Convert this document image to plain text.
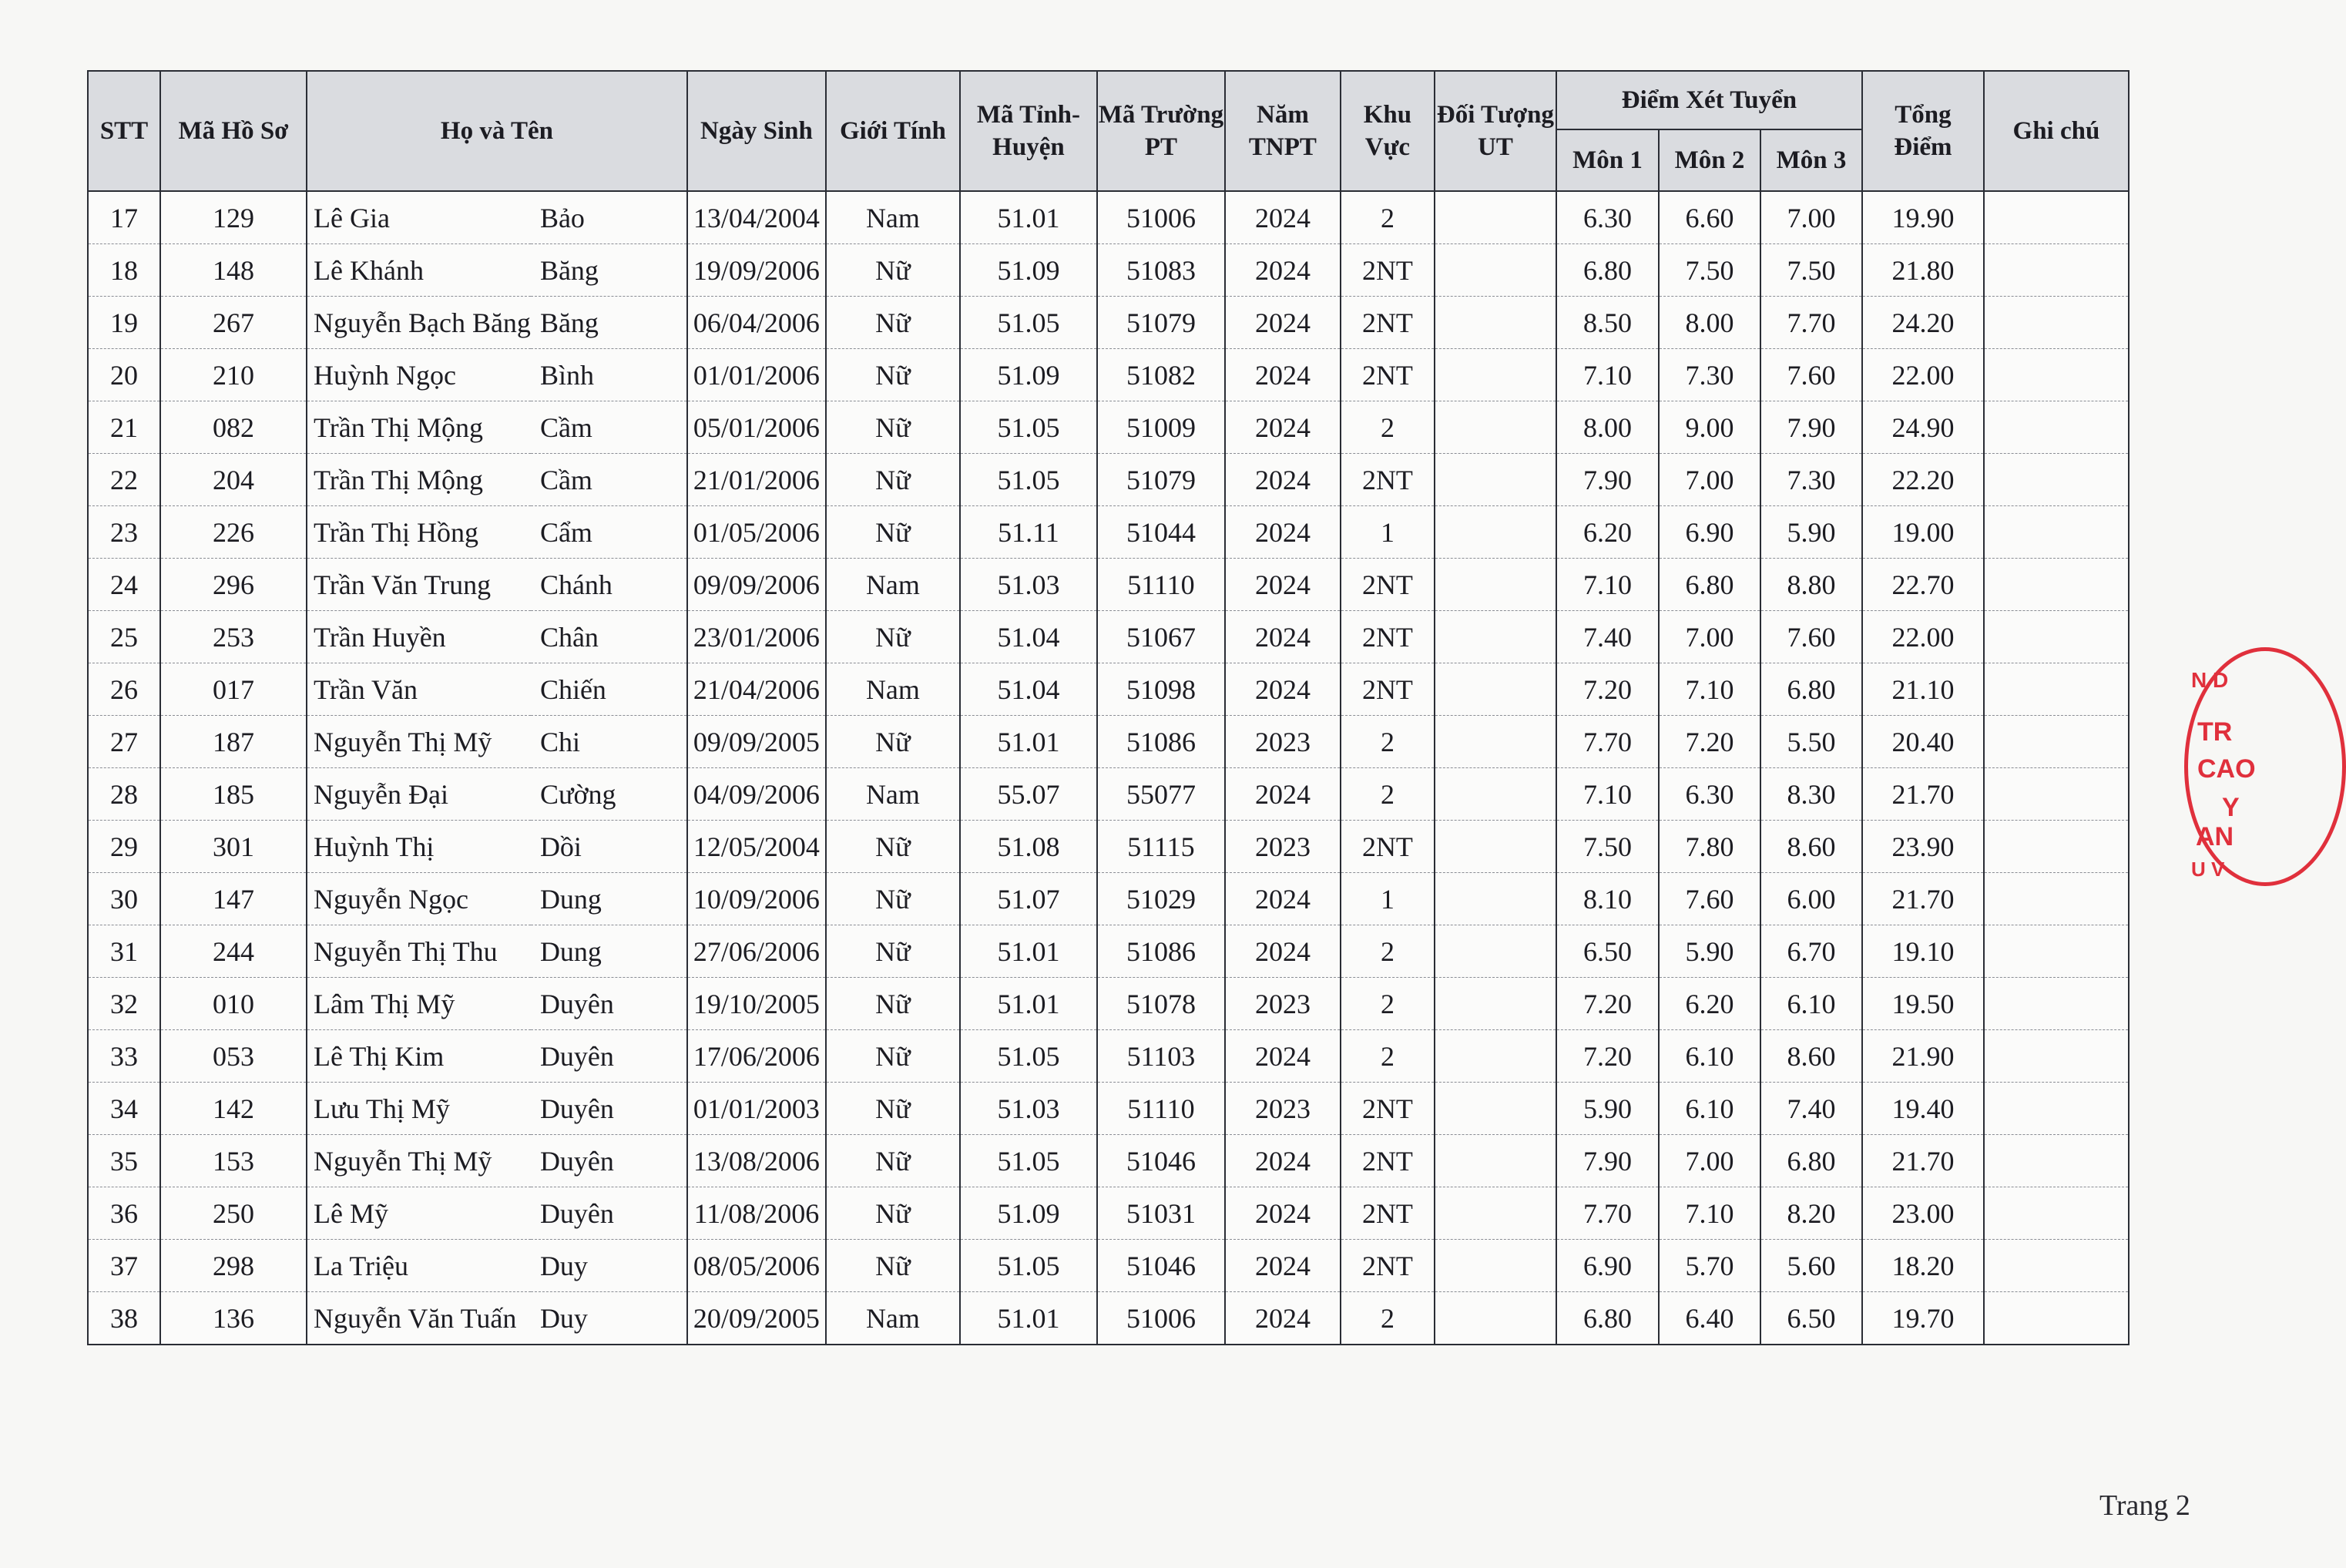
STT	Mã Hồ Sơ	Họ và Tên		Ngày Sinh	Giới Tính	Mã Tỉnh-Huyện	Mã Trường PT	Năm TNPT	Khu Vực	Đối Tượng UT	Điểm Xét Tuyển			Tổng Điểm	Ghi chú
											Môn 1	Môn 2	Môn 3		
17	129	Lê Gia	Bảo	13/04/2004	Nam	51.01	51006	2024	2		6.30	6.60	7.00	19.90	
18	148	Lê Khánh	Băng	19/09/2006	Nữ	51.09	51083	2024	2NT		6.80	7.50	7.50	21.80	
19	267	Nguyễn Bạch Băng	Băng	06/04/2006	Nữ	51.05	51079	2024	2NT		8.50	8.00	7.70	24.20	
20	210	Huỳnh Ngọc	Bình	01/01/2006	Nữ	51.09	51082	2024	2NT		7.10	7.30	7.60	22.00	
21	082	Trần Thị Mộng	Cầm	05/01/2006	Nữ	51.05	51009	2024	2		8.00	9.00	7.90	24.90	
22	204	Trần Thị Mộng	Cầm	21/01/2006	Nữ	51.05	51079	2024	2NT		7.90	7.00	7.30	22.20	
23	226	Trần Thị Hồng	Cẩm	01/05/2006	Nữ	51.11	51044	2024	1		6.20	6.90	5.90	19.00	
24	296	Trần Văn Trung	Chánh	09/09/2006	Nam	51.03	51110	2024	2NT		7.10	6.80	8.80	22.70	
25	253	Trần Huyền	Chân	23/01/2006	Nữ	51.04	51067	2024	2NT		7.40	7.00	7.60	22.00	
26	017	Trần Văn	Chiến	21/04/2006	Nam	51.04	51098	2024	2NT		7.20	7.10	6.80	21.10	
27	187	Nguyễn Thị Mỹ	Chi	09/09/2005	Nữ	51.01	51086	2023	2		7.70	7.20	5.50	20.40	
28	185	Nguyễn Đại	Cường	04/09/2006	Nam	55.07	55077	2024	2		7.10	6.30	8.30	21.70	
29	301	Huỳnh Thị	Dồi	12/05/2004	Nữ	51.08	51115	2023	2NT		7.50	7.80	8.60	23.90	
30	147	Nguyễn Ngọc	Dung	10/09/2006	Nữ	51.07	51029	2024	1		8.10	7.60	6.00	21.70	
31	244	Nguyễn Thị Thu	Dung	27/06/2006	Nữ	51.01	51086	2024	2		6.50	5.90	6.70	19.10	
32	010	Lâm Thị Mỹ	Duyên	19/10/2005	Nữ	51.01	51078	2023	2		7.20	6.20	6.10	19.50	
33	053	Lê Thị Kim	Duyên	17/06/2006	Nữ	51.05	51103	2024	2		7.20	6.10	8.60	21.90	
34	142	Lưu Thị Mỹ	Duyên	01/01/2003	Nữ	51.03	51110	2023	2NT		5.90	6.10	7.40	19.40	
35	153	Nguyễn Thị Mỹ	Duyên	13/08/2006	Nữ	51.05	51046	2024	2NT		7.90	7.00	6.80	21.70	
36	250	Lê Mỹ	Duyên	11/08/2006	Nữ	51.09	51031	2024	2NT		7.70	7.10	8.20	23.00	
37	298	La Triệu	Duy	08/05/2006	Nữ	51.05	51046	2024	2NT		6.90	5.70	5.60	18.20	
38	136	Nguyễn Văn Tuấn	Duy	20/09/2005	Nam	51.01	51006	2024	2		6.80	6.40	6.50	19.70	
N D
TR
CAO
Y
AN
U V
Trang 2
